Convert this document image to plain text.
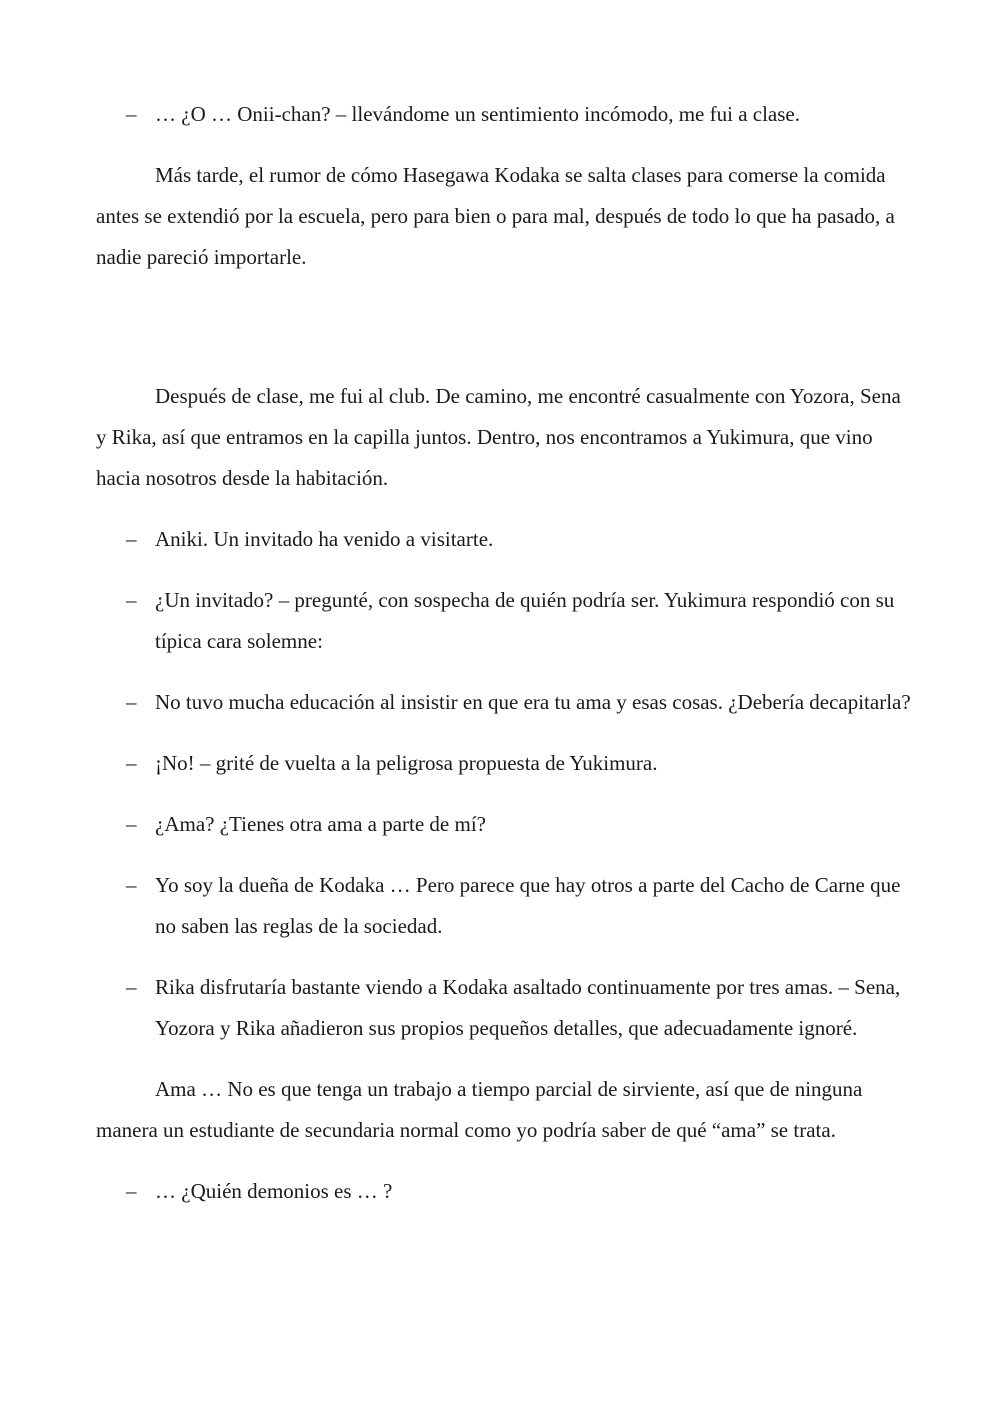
– … ¿O … Onii-chan? – llevándome un sentimiento incómodo, me fui a clase.

Más tarde, el rumor de cómo Hasegawa Kodaka se salta clases para comerse la comida antes se extendió por la escuela, pero para bien o para mal, después de todo lo que ha pasado, a nadie pareció importarle.

Después de clase, me fui al club. De camino, me encontré casualmente con Yozora, Sena y Rika, así que entramos en la capilla juntos. Dentro, nos encontramos a Yukimura, que vino hacia nosotros desde la habitación.

– Aniki. Un invitado ha venido a visitarte.
– ¿Un invitado? – pregunté, con sospecha de quién podría ser. Yukimura respondió con su típica cara solemne:
– No tuvo mucha educación al insistir en que era tu ama y esas cosas. ¿Debería decapitarla?
– ¡No! – grité de vuelta a la peligrosa propuesta de Yukimura.
– ¿Ama? ¿Tienes otra ama a parte de mí?
– Yo soy la dueña de Kodaka … Pero parece que hay otros a parte del Cacho de Carne que no saben las reglas de la sociedad.
– Rika disfrutaría bastante viendo a Kodaka asaltado continuamente por tres amas. – Sena, Yozora y Rika añadieron sus propios pequeños detalles, que adecuadamente ignoré.

Ama … No es que tenga un trabajo a tiempo parcial de sirviente, así que de ninguna manera un estudiante de secundaria normal como yo podría saber de qué “ama” se trata.

– … ¿Quién demonios es … ?
